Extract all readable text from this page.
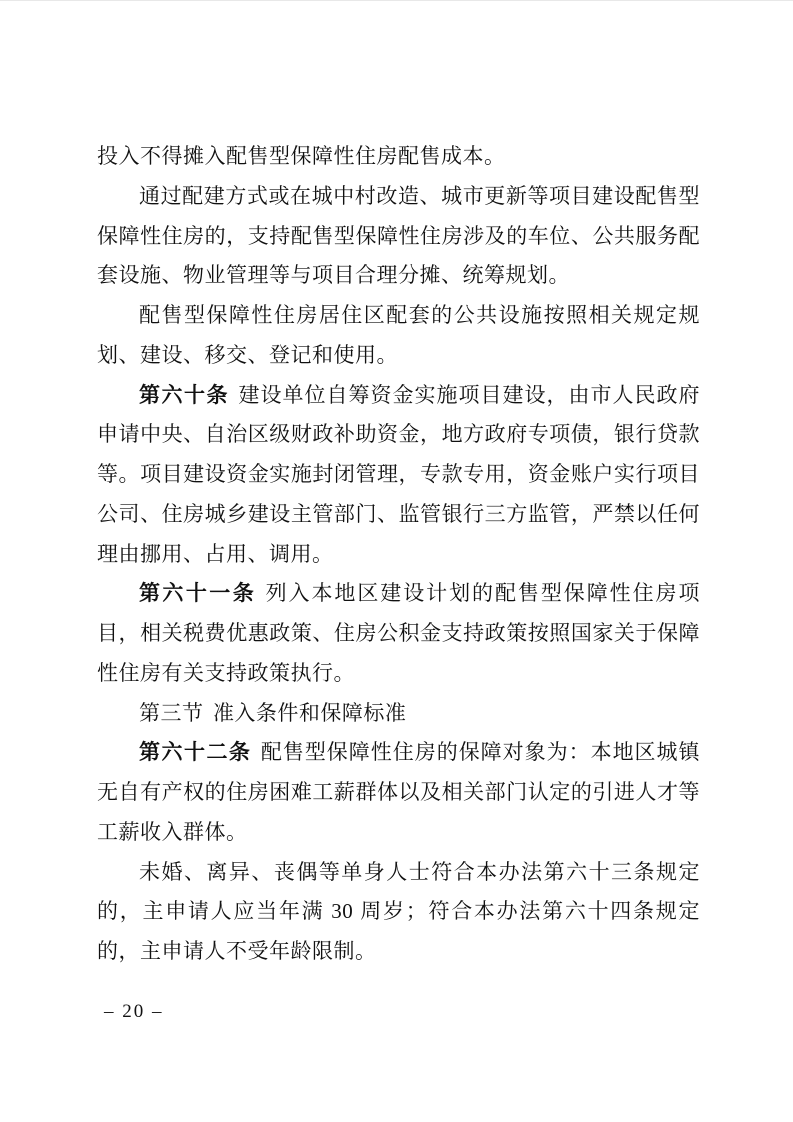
投入不得摊入配售型保障性住房配售成本。

通过配建方式或在城中村改造、城市更新等项目建设配售型保障性住房的，支持配售型保障性住房涉及的车位、公共服务配套设施、物业管理等与项目合理分摊、统筹规划。

配售型保障性住房居住区配套的公共设施按照相关规定规划、建设、移交、登记和使用。

第六十条 建设单位自筹资金实施项目建设，由市人民政府申请中央、自治区级财政补助资金，地方政府专项债，银行贷款等。项目建设资金实施封闭管理，专款专用，资金账户实行项目公司、住房城乡建设主管部门、监管银行三方监管，严禁以任何理由挪用、占用、调用。

第六十一条 列入本地区建设计划的配售型保障性住房项目，相关税费优惠政策、住房公积金支持政策按照国家关于保障性住房有关支持政策执行。

第三节 准入条件和保障标准

第六十二条 配售型保障性住房的保障对象为：本地区城镇无自有产权的住房困难工薪群体以及相关部门认定的引进人才等工薪收入群体。

未婚、离异、丧偶等单身人士符合本办法第六十三条规定的，主申请人应当年满 30 周岁；符合本办法第六十四条规定的，主申请人不受年龄限制。

– 20 –
